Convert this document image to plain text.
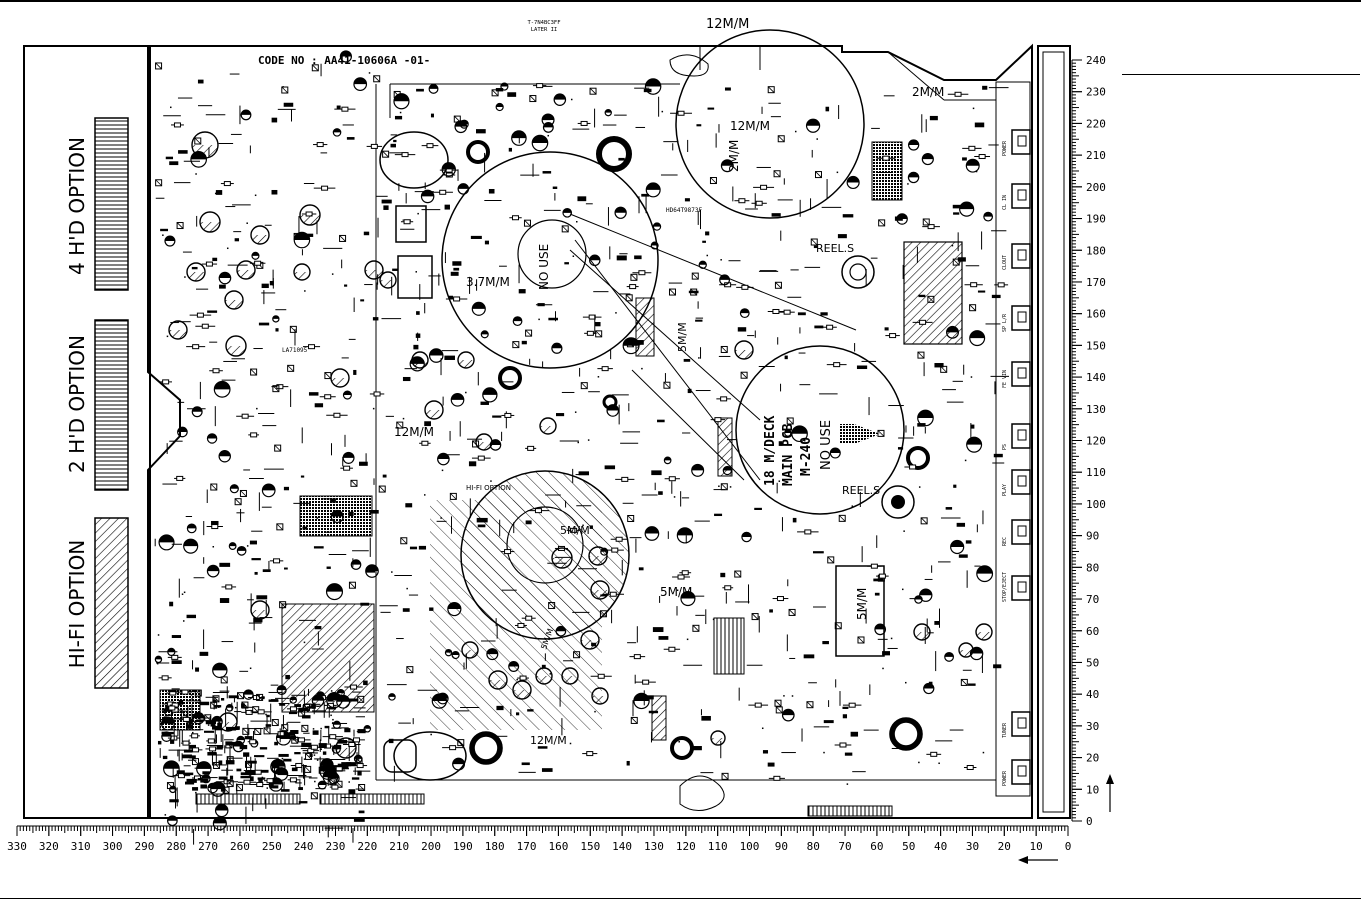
T-7N4BC3FF
LATER II
4 H'D OPTION
2 H'D OPTION
HI-FI OPTION
POWER
CL IN
CLOUT
SP L/R
FE VIN
PS
PLAY
REC
STOP/EJECT
TUNER
POWER
CODE NO : AA41-10606A -01-
12M/M
12M/M
2M/M
2M/M
3.7M/M NO USE
5M/M
12M/M
5M/M
5M/M	5M/M
12M/M
5M/M
HI-FI OPTION
18 M/DECK MAIN PCB M-240 NO USE
REEL.S
REEL.S
LA71095
HD64T9873F
240
230
220
210
200
190
180
170
160
150
140
130
120
110
100
90
80
70
60
50
40
30
20
10
0
330 320 310 300 290 280 270 260 250 240 230 220 210 200 190 180 170 160 150 140 130 120 110 100 90 80 70 60 50 40 30 20 10 0
